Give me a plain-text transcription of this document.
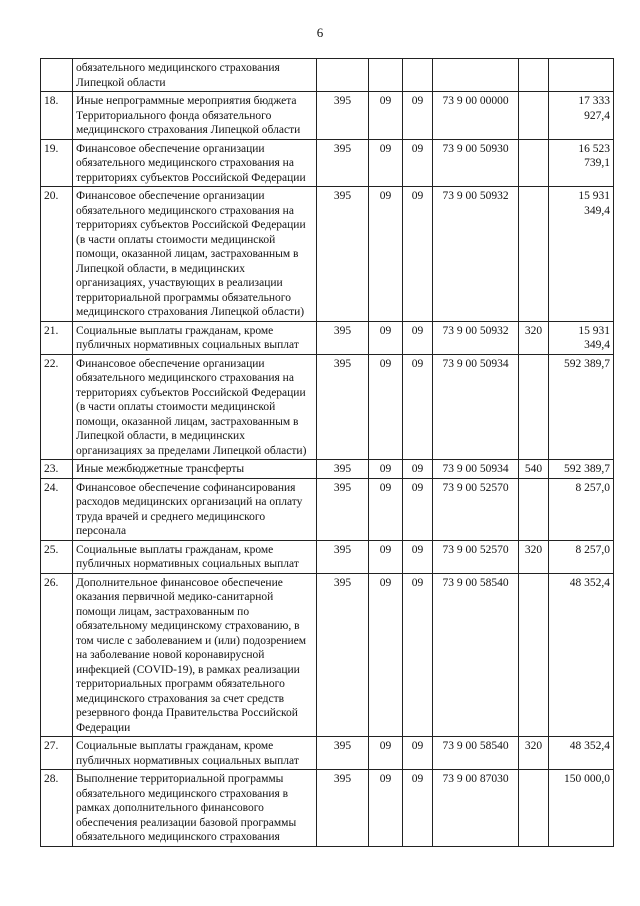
6
	обязательного медицинского страхования Липецкой области						
18.	Иные непрограммные мероприятия бюджета Территориального фонда обязательного медицинского страхования Липецкой области	395	09	09	73 9 00 00000		17 333 927,4
19.	Финансовое обеспечение организации обязательного медицинского страхования на территориях субъектов Российской Федерации	395	09	09	73 9 00 50930		16 523 739,1
20.	Финансовое обеспечение организации обязательного медицинского страхования на территориях субъектов Российской Федерации (в части оплаты стоимости медицинской помощи, оказанной лицам, застрахованным в Липецкой области, в медицинских организациях, участвующих в реализации территориальной программы обязательного медицинского страхования Липецкой области)	395	09	09	73 9 00 50932		15 931 349,4
21.	Социальные выплаты гражданам, кроме публичных нормативных социальных выплат	395	09	09	73 9 00 50932	320	15 931 349,4
22.	Финансовое обеспечение организации обязательного медицинского страхования на территориях субъектов Российской Федерации (в части оплаты стоимости медицинской помощи, оказанной лицам, застрахованным в Липецкой области, в медицинских организациях за пределами Липецкой области)	395	09	09	73 9 00 50934		592 389,7
23.	Иные межбюджетные трансферты	395	09	09	73 9 00 50934	540	592 389,7
24.	Финансовое обеспечение софинансирования расходов медицинских организаций на оплату труда врачей и среднего медицинского персонала	395	09	09	73 9 00 52570		8 257,0
25.	Социальные выплаты гражданам, кроме публичных нормативных социальных выплат	395	09	09	73 9 00 52570	320	8 257,0
26.	Дополнительное финансовое обеспечение оказания первичной медико-санитарной помощи лицам, застрахованным по обязательному медицинскому страхованию, в том числе с заболеванием и (или) подозрением на заболевание новой коронавирусной инфекцией (COVID-19), в рамках реализации территориальных программ обязательного медицинского страхования за счет средств резервного фонда Правительства Российской Федерации	395	09	09	73 9 00 58540		48 352,4
27.	Социальные выплаты гражданам, кроме публичных нормативных социальных выплат	395	09	09	73 9 00 58540	320	48 352,4
28.	Выполнение территориальной программы обязательного медицинского страхования в рамках дополнительного финансового обеспечения реализации базовой программы обязательного медицинского страхования	395	09	09	73 9 00 87030		150 000,0
